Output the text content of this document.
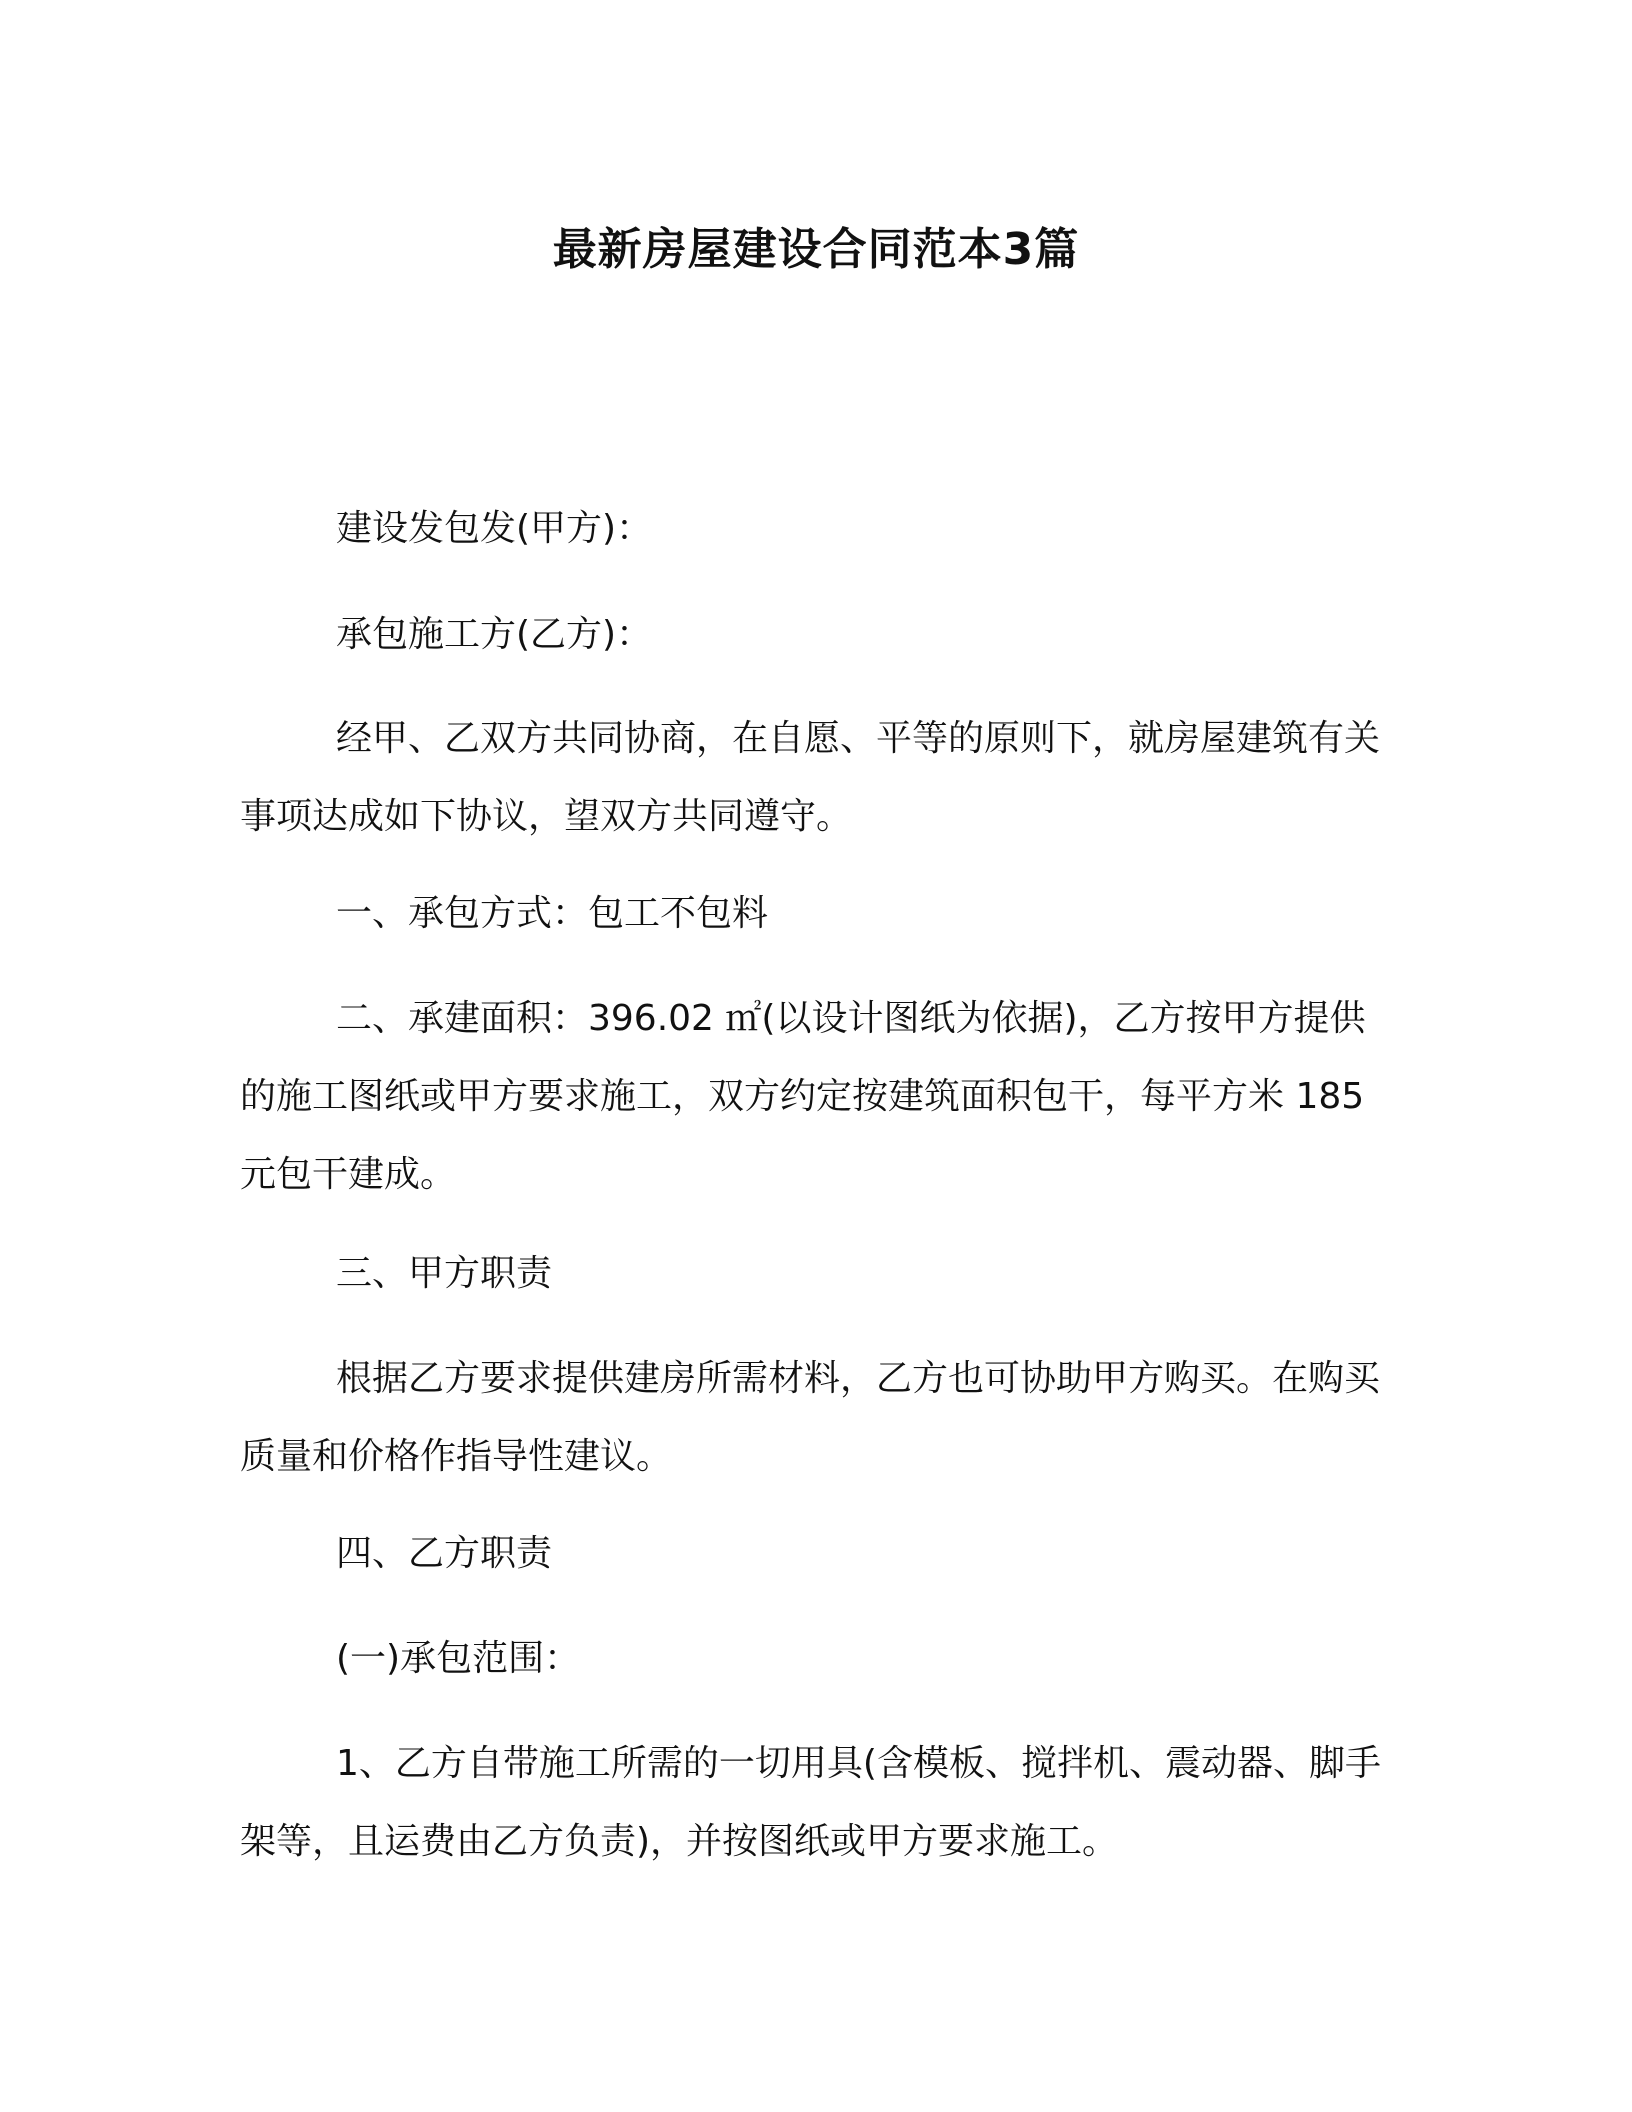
最新房屋建设合同范本3篇

建设发包发(甲方)：

承包施工方(乙方)：

经甲、乙双方共同协商，在自愿、平等的原则下，就房屋建筑有关事项达成如下协议，望双方共同遵守。

一、承包方式：包工不包料

二、承建面积：396.02 ㎡(以设计图纸为依据)，乙方按甲方提供的施工图纸或甲方要求施工，双方约定按建筑面积包干，每平方米 185 元包干建成。

三、甲方职责

根据乙方要求提供建房所需材料，乙方也可协助甲方购买。在购买质量和价格作指导性建议。

四、乙方职责

(一)承包范围：

1、乙方自带施工所需的一切用具(含模板、搅拌机、震动器、脚手架等，且运费由乙方负责)，并按图纸或甲方要求施工。
